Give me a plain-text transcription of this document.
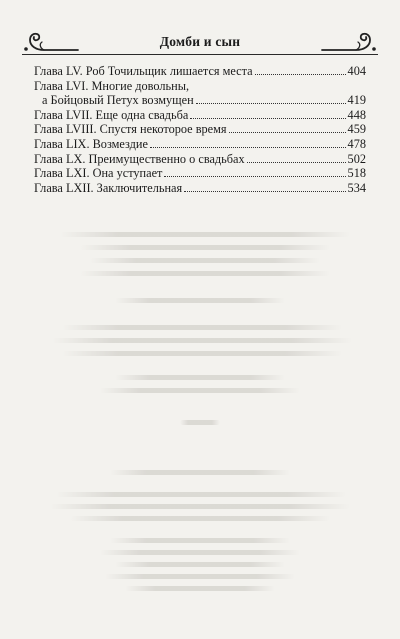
Домби и сын
Глава LV. Роб Точильщик лишается места	404
Глава LVI. Многие довольны,
а Бойцовый Петух возмущен	419
Глава LVII. Еще одна свадьба	448
Глава LVIII. Спустя некоторое время	459
Глава LIX. Возмездие	478
Глава LX. Преимущественно о свадьбах	502
Глава LXI. Она уступает	518
Глава LXII. Заключительная	534
